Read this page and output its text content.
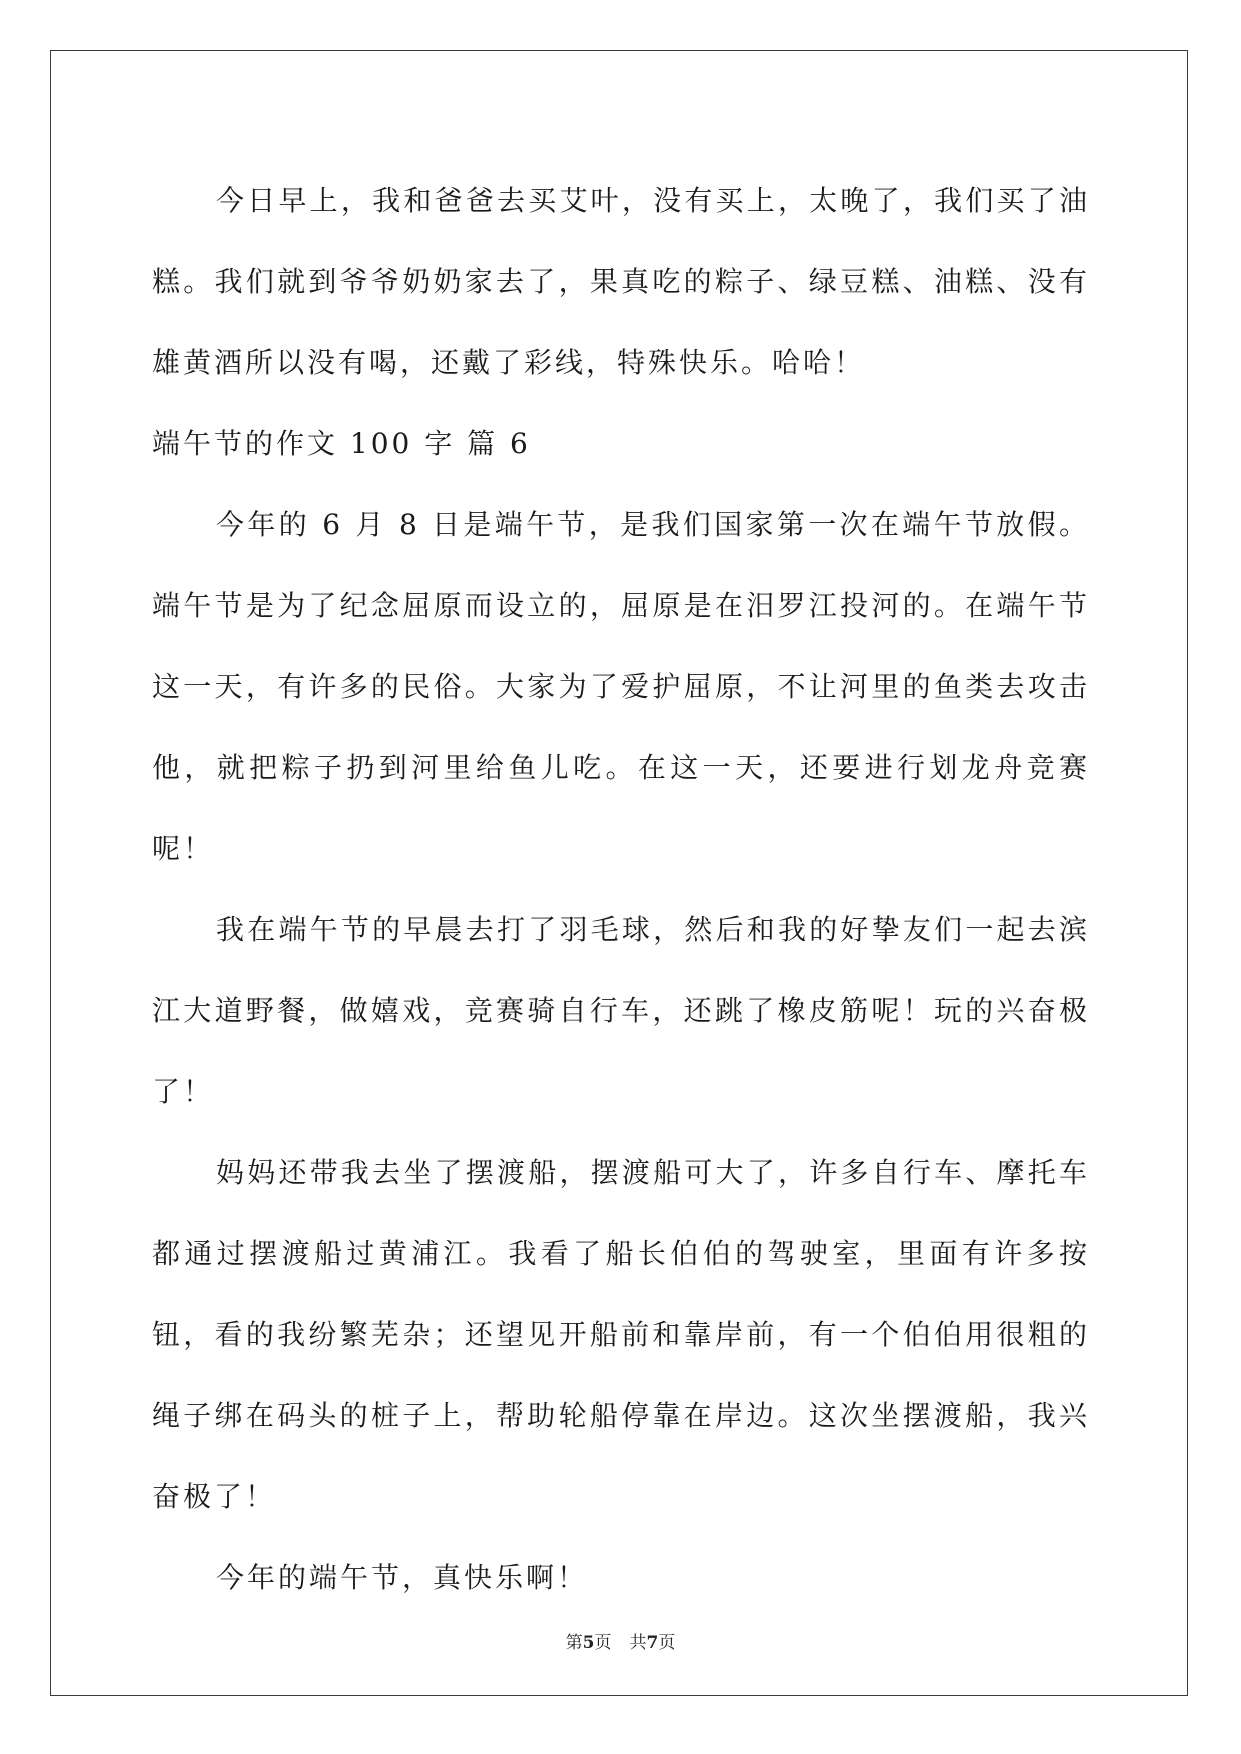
今日早上，我和爸爸去买艾叶，没有买上，太晚了，我们买了油糕。我们就到爷爷奶奶家去了，果真吃的粽子、绿豆糕、油糕、没有雄黄酒所以没有喝，还戴了彩线，特殊快乐。哈哈！

端午节的作文 100 字 篇 6

今年的 6 月 8 日是端午节，是我们国家第一次在端午节放假。端午节是为了纪念屈原而设立的，屈原是在汨罗江投河的。在端午节这一天，有许多的民俗。大家为了爱护屈原，不让河里的鱼类去攻击他，就把粽子扔到河里给鱼儿吃。在这一天，还要进行划龙舟竞赛呢！

我在端午节的早晨去打了羽毛球，然后和我的好挚友们一起去滨江大道野餐，做嬉戏，竞赛骑自行车，还跳了橡皮筋呢！玩的兴奋极了！

妈妈还带我去坐了摆渡船，摆渡船可大了，许多自行车、摩托车都通过摆渡船过黄浦江。我看了船长伯伯的驾驶室，里面有许多按钮，看的我纷繁芜杂；还望见开船前和靠岸前，有一个伯伯用很粗的绳子绑在码头的桩子上，帮助轮船停靠在岸边。这次坐摆渡船，我兴奋极了！

今年的端午节，真快乐啊！

第5页 共7页
